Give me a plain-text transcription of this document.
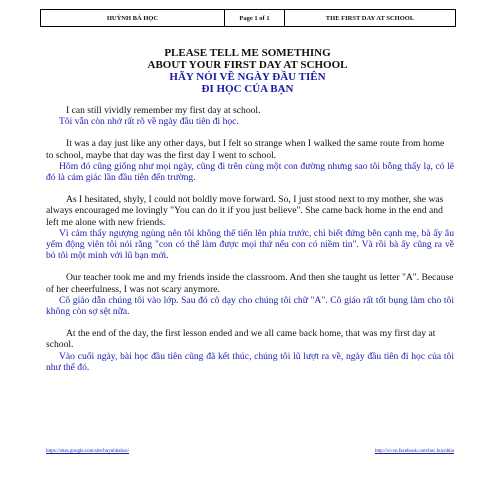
HUỲNH BÁ HỌC	Page 1 of 1	THE FIRST DAY AT SCHOOL
PLEASE TELL ME SOMETHING
ABOUT YOUR FIRST DAY AT SCHOOL
HÃY NÓI VỀ NGÀY ĐẦU TIÊN
ĐI HỌC CỦA BẠN
I can still vividly remember my first day at school.
Tôi vẫn còn nhớ rất rõ về ngày đầu tiên đi học.
It was a day just like any other days, but I felt so strange when I walked the same route from home to school, maybe that day was the first day I went to school.
Hôm đó cũng giống như mọi ngày, cũng đi trên cùng một con đường nhưng sao tôi bỗng thấy lạ, có lẽ đó là cảm giác lần đầu tiên đến trường.
As I hesitated, shyly, I could not boldly move forward. So, I just stood next to my mother, she was always encouraged me lovingly "You can do it if you just believe". She came back home in the end and left me alone with new friends.
Vì cảm thấy ngượng ngùng nên tôi không thể tiến lên phía trước, chỉ biết đứng bên cạnh mẹ, bà ấy âu yếm động viên tôi nói rằng "con có thể làm được mọi thứ nếu con có niềm tin". Và rồi bà ấy cũng ra về bỏ tôi một mình với lũ bạn mới.
Our teacher took me and my friends inside the classroom. And then she taught us letter "A". Because of her cheerfulness, I was not scary anymore.
Cô giáo dẫn chúng tôi vào lớp. Sau đó cô dạy cho chúng tôi chữ "A". Cô giáo rất tốt bụng làm cho tôi không còn sợ sệt nữa.
At the end of the day, the first lesson ended and we all came back home, that was my first day at school.
Vào cuối ngày, bài học đầu tiên cũng đã kết thúc, chúng tôi lũ lượt ra về, ngày đầu tiên đi học của tôi như thế đó.
https://sites.google.com/site/huynhbahoc/	http://vi-vn.facebook.com/hoc.huynhba
